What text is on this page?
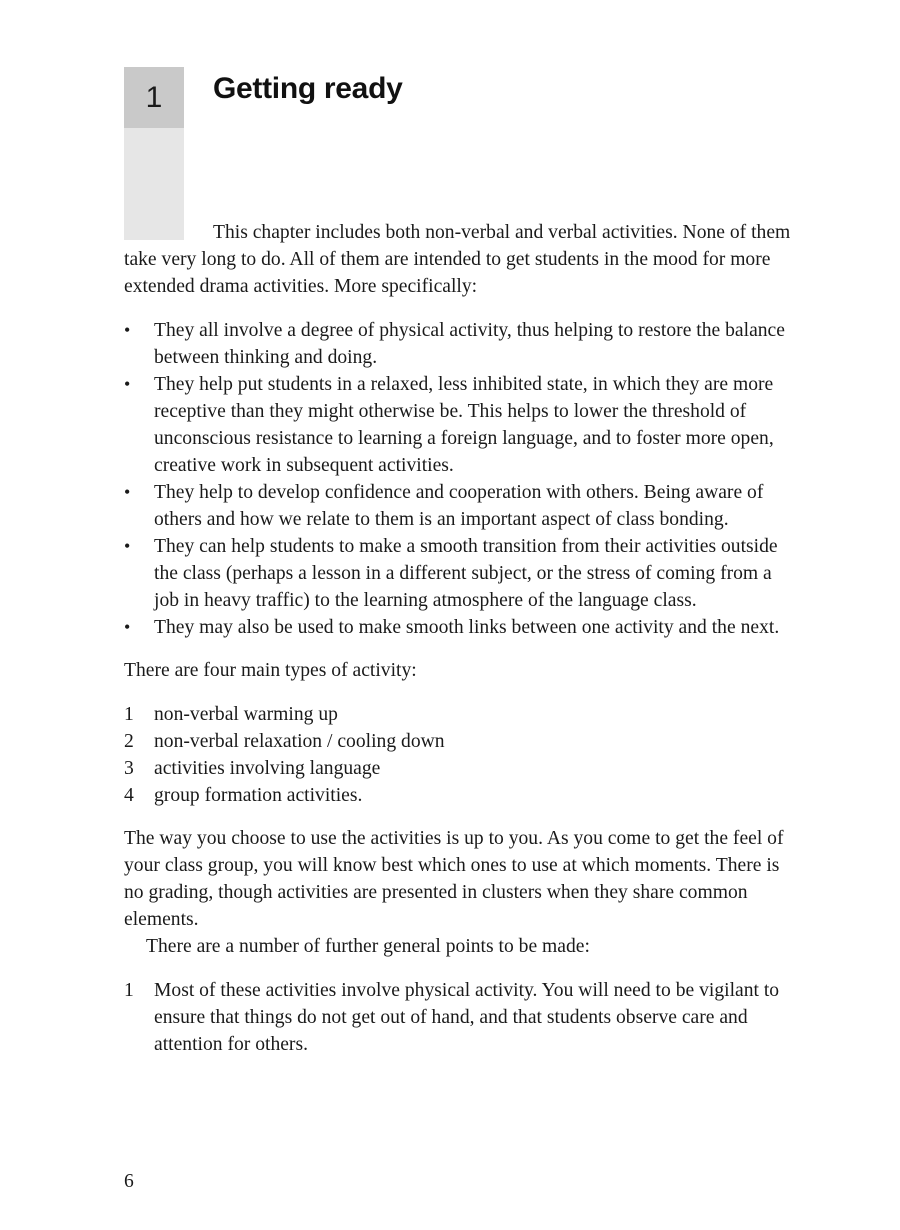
1	Getting ready

This chapter includes both non-verbal and verbal activities. None of them take very long to do. All of them are intended to get students in the mood for more extended drama activities. More specifically:

•	They all involve a degree of physical activity, thus helping to restore the balance between thinking and doing.
•	They help put students in a relaxed, less inhibited state, in which they are more receptive than they might otherwise be. This helps to lower the threshold of unconscious resistance to learning a foreign language, and to foster more open, creative work in subsequent activities.
•	They help to develop confidence and cooperation with others. Being aware of others and how we relate to them is an important aspect of class bonding.
•	They can help students to make a smooth transition from their activities outside the class (perhaps a lesson in a different subject, or the stress of coming from a job in heavy traffic) to the learning atmosphere of the language class.
•	They may also be used to make smooth links between one activity and the next.

There are four main types of activity:

1	non-verbal warming up
2	non-verbal relaxation / cooling down
3	activities involving language
4	group formation activities.

The way you choose to use the activities is up to you. As you come to get the feel of your class group, you will know best which ones to use at which moments. There is no grading, though activities are presented in clusters when they share common elements.

There are a number of further general points to be made:

1	Most of these activities involve physical activity. You will need to be vigilant to ensure that things do not get out of hand, and that students observe care and attention for others.
6
